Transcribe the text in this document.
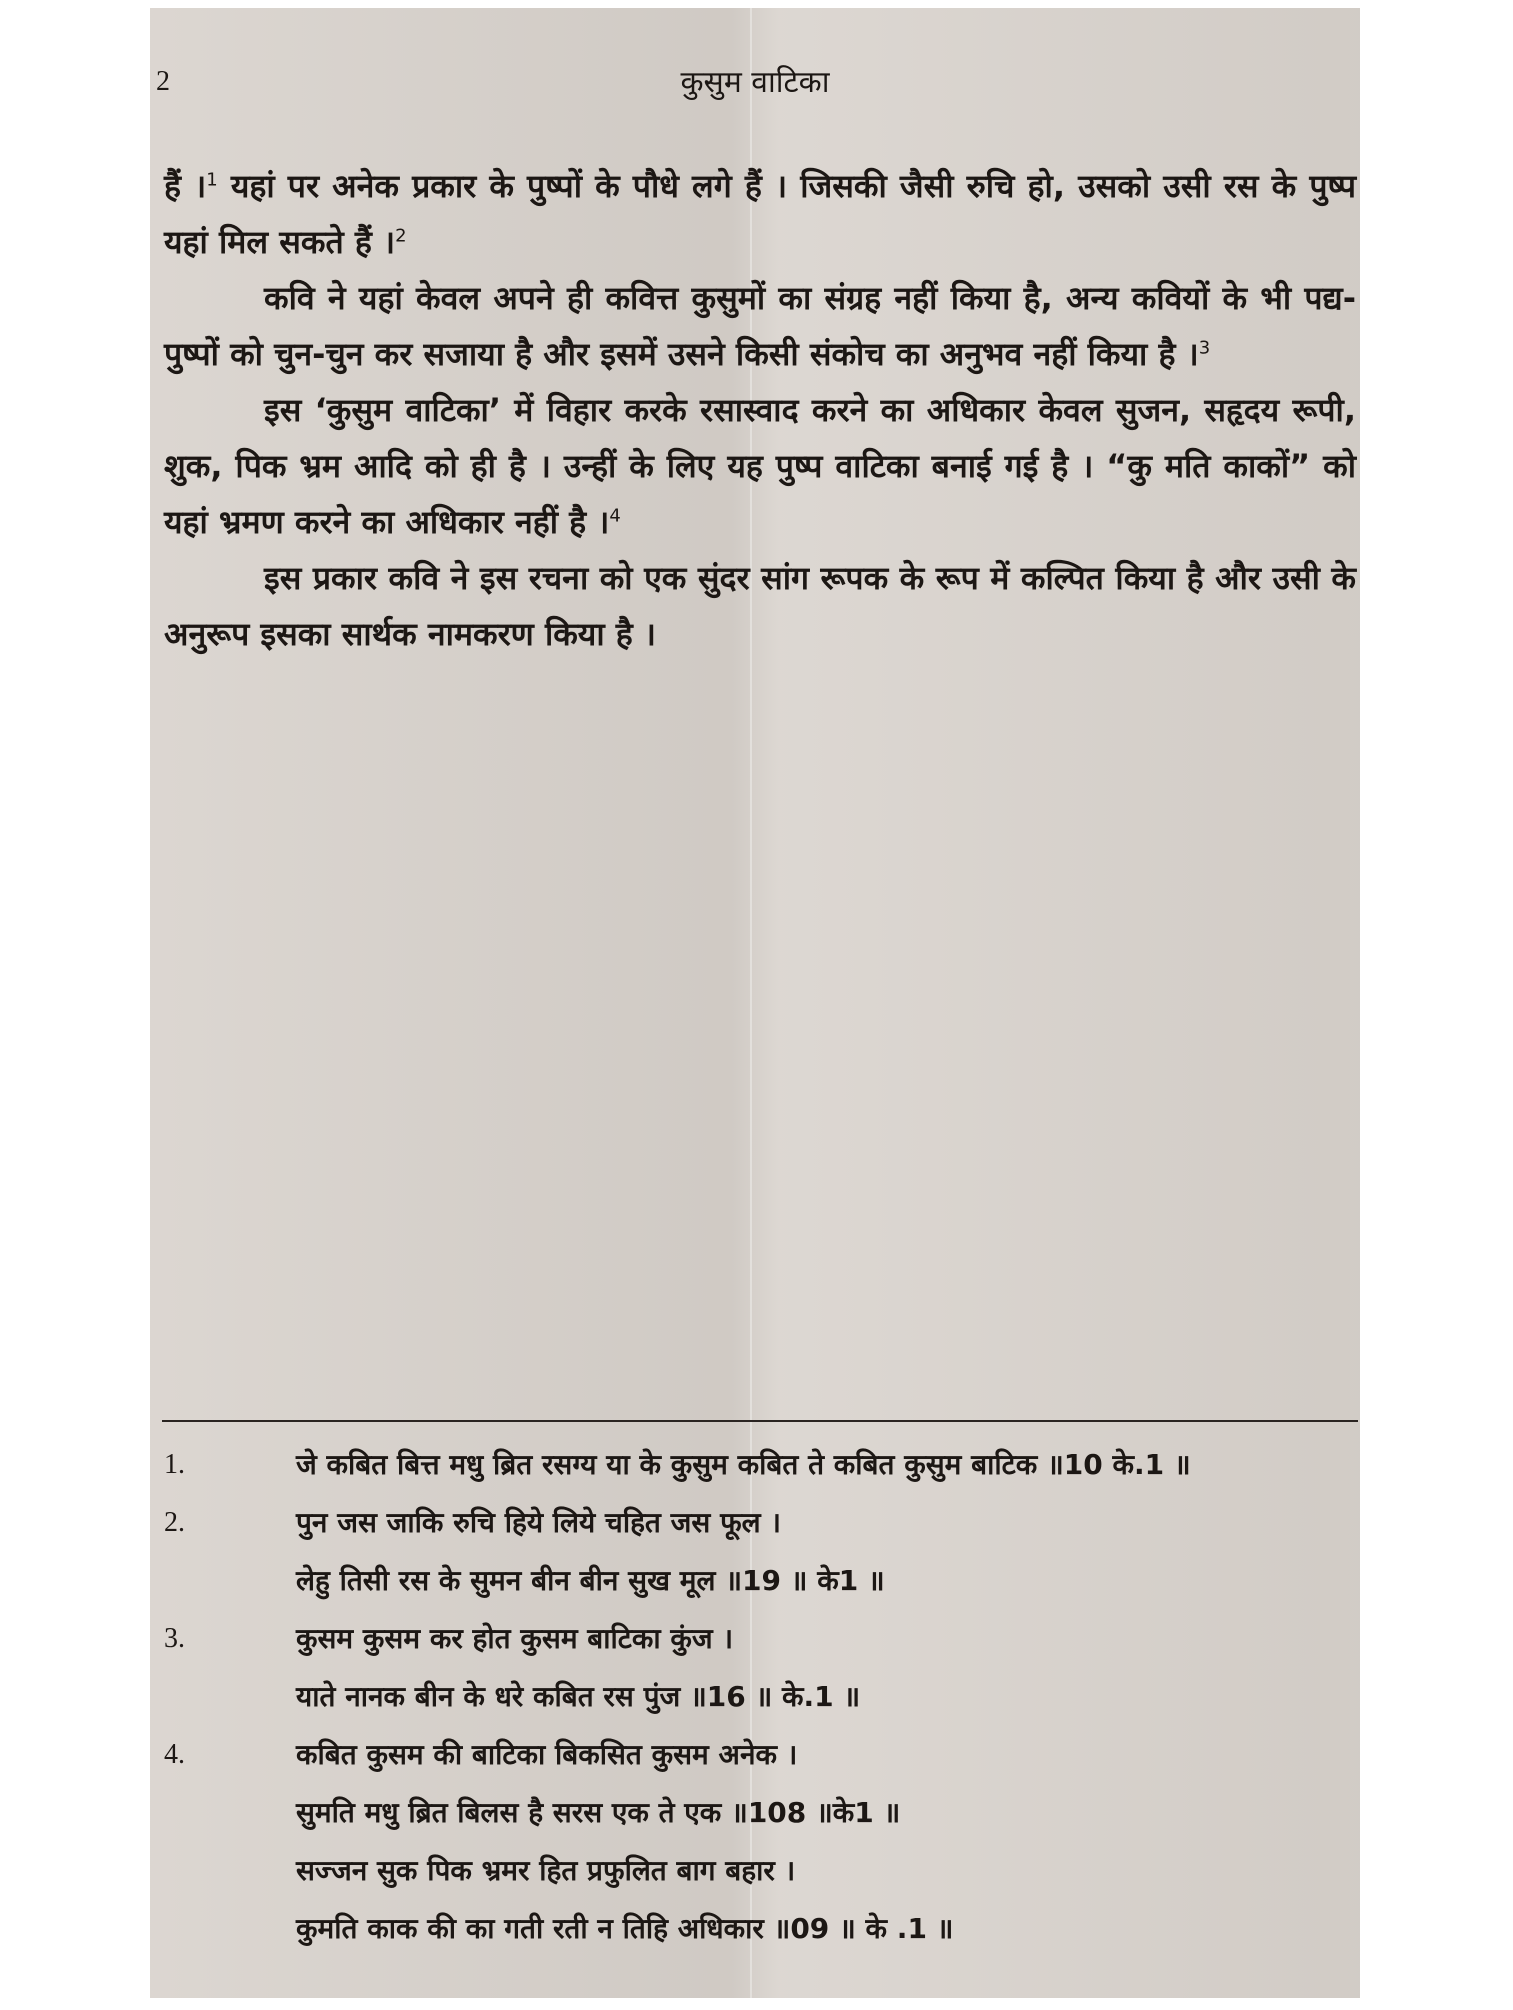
2	कुसुम वाटिका

हैं ।$^1$ यहां पर अनेक प्रकार के पुष्पों के पौधे लगे हैं । जिसकी जैसी रुचि हो, उसको उसी रस के पुष्प यहां मिल सकते हैं ।$^2$

कवि ने यहां केवल अपने ही कवित्त कुसुमों का संग्रह नहीं किया है, अन्य कवियों के भी पद्य-पुष्पों को चुन-चुन कर सजाया है और इसमें उसने किसी संकोच का अनुभव नहीं किया है ।$^3$

इस ‘कुसुम वाटिका’ में विहार करके रसास्वाद करने का अधिकार केवल सुजन, सहृदय रूपी, शुक, पिक भ्रम आदि को ही है । उन्हीं के लिए यह पुष्प वाटिका बनाई गई है । “कु मति काकों” को यहां भ्रमण करने का अधिकार नहीं है ।$^4$

इस प्रकार कवि ने इस रचना को एक सुंदर सांग रूपक के रूप में कल्पित किया है और उसी के अनुरूप इसका सार्थक नामकरण किया है ।

1.	जे कबित बित्त मधु ब्रित रसग्य या के कुसुम कबित ते कबित कुसुम बाटिक ॥10 के.1 ॥
2.	पुन जस जाकि रुचि हिये लिये चहित जस फूल ।
लेहु तिसी रस के सुमन बीन बीन सुख मूल ॥19 ॥ के1 ॥
3.	कुसम कुसम कर होत कुसम बाटिका कुंज ।
याते नानक बीन के धरे कबित रस पुंज ॥16 ॥ के.1 ॥
4.	कबित कुसम की बाटिका बिकसित कुसम अनेक ।
सुमति मधु ब्रित बिलस है सरस एक ते एक ॥108 ॥के1 ॥
सज्जन सुक पिक भ्रमर हित प्रफुलित बाग बहार ।
कुमति काक की का गती रती न तिहि अधिकार ॥09 ॥ के .1 ॥
